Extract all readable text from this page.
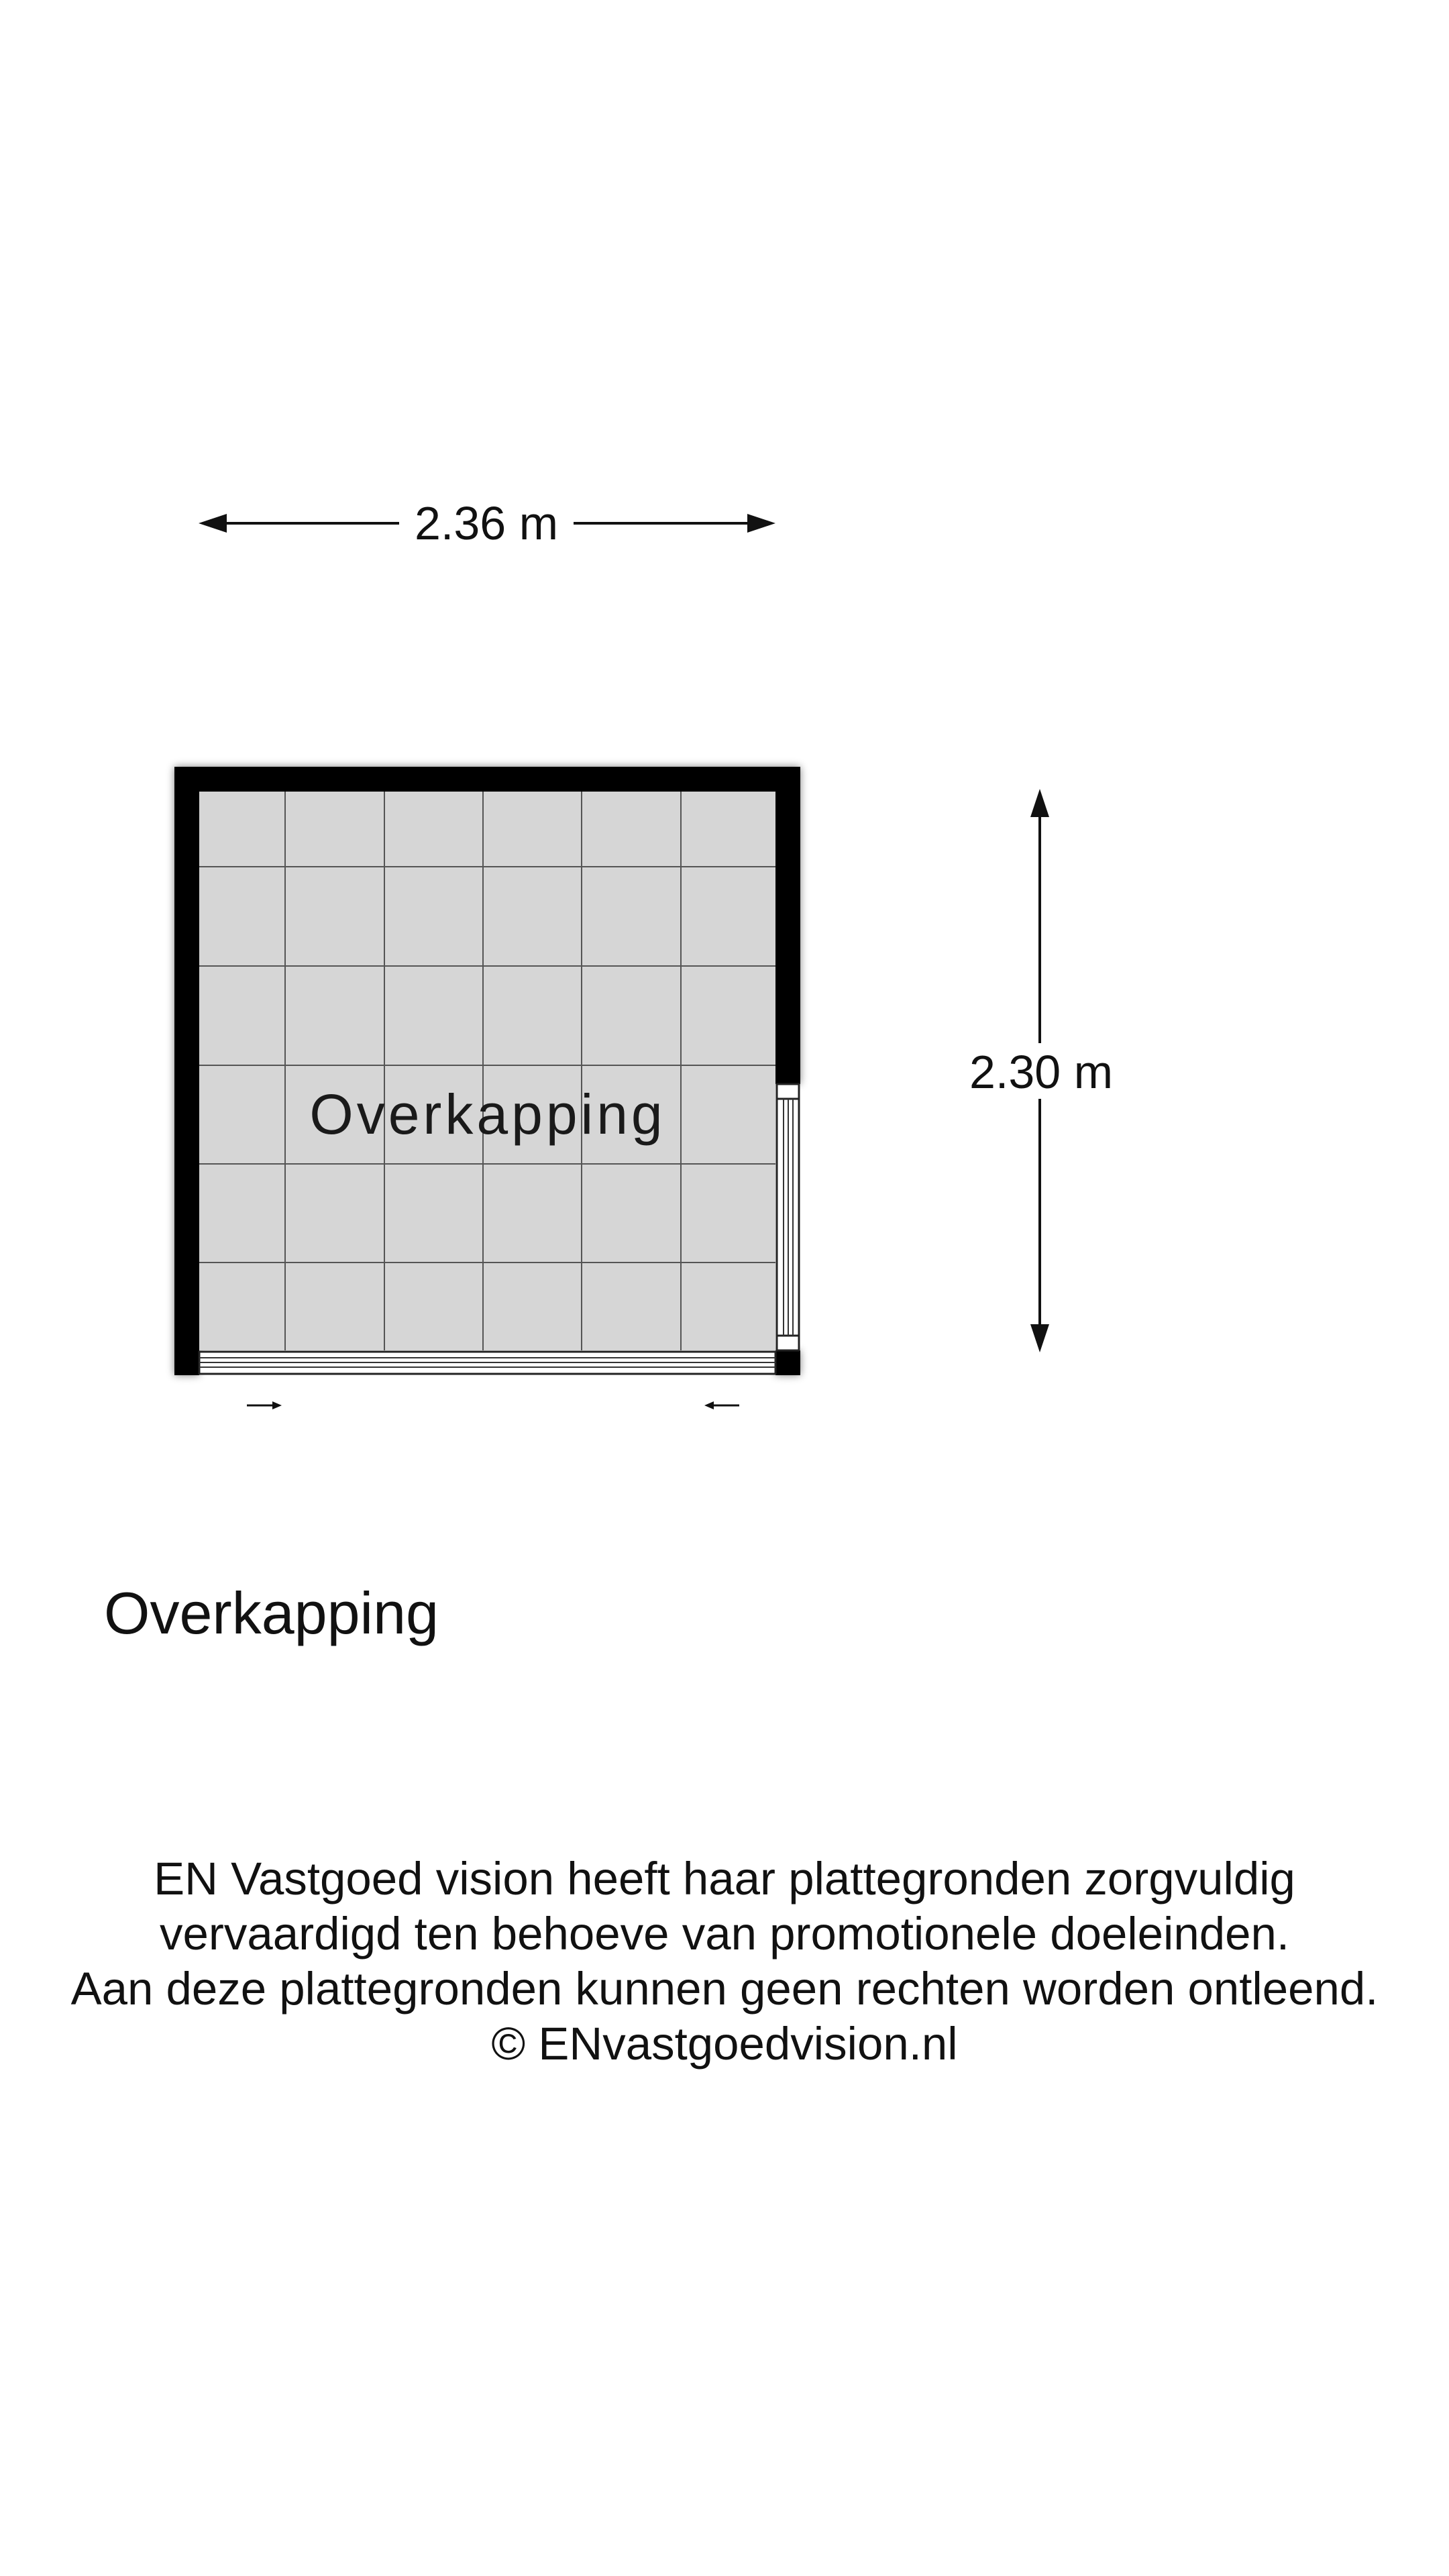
2.36 m
2.30 m
Overkapping
Overkapping
EN Vastgoed vision heeft haar plattegronden zorgvuldig
vervaardigd ten behoeve van promotionele doeleinden.
Aan deze plattegronden kunnen geen rechten worden ontleend.
© ENvastgoedvision.nl
